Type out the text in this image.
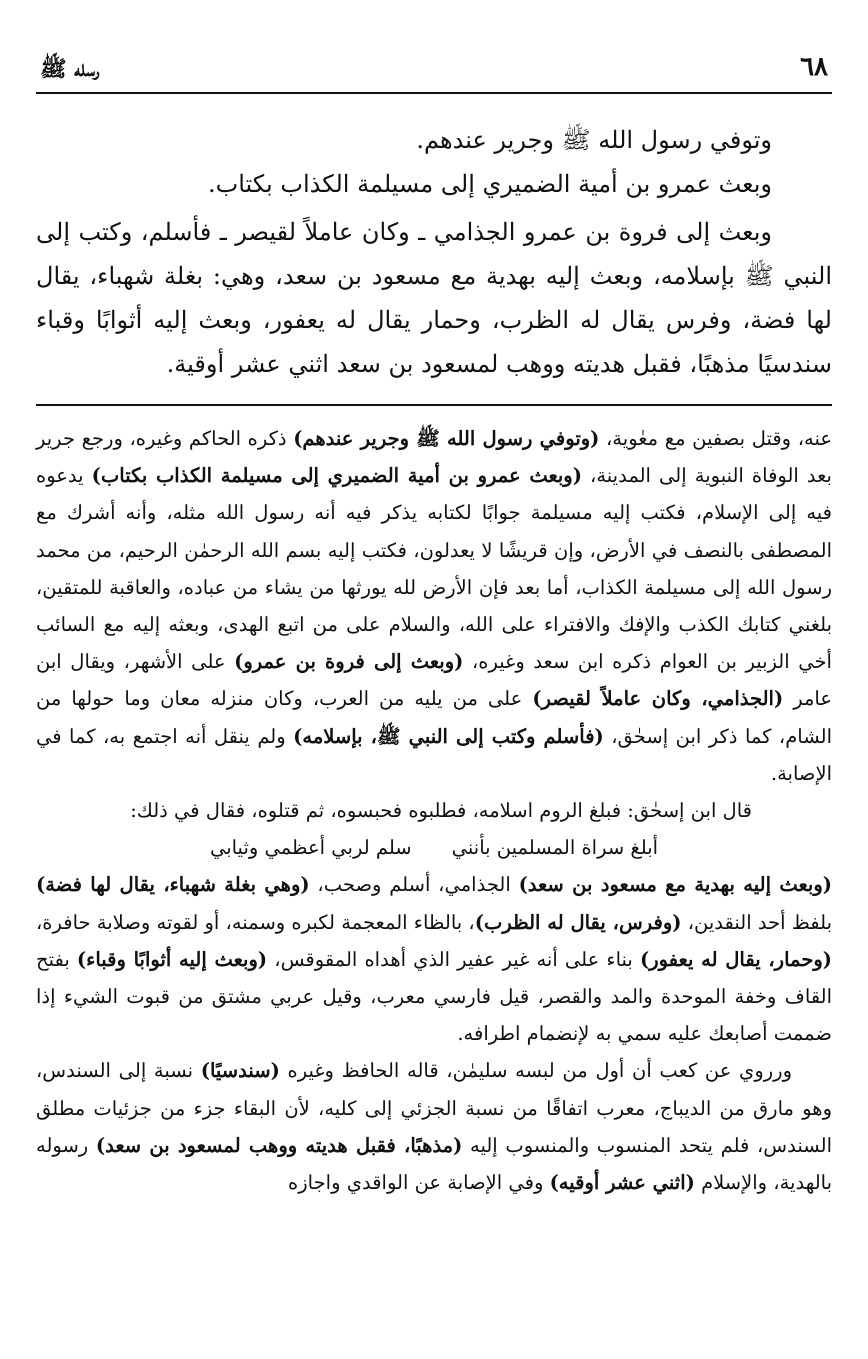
٦٨
رسله ﷺ

وتوفي رسول الله ﷺ وجرير عندهم.

وبعث عمرو بن أمية الضميري إلى مسيلمة الكذاب بكتاب.

وبعث إلى فروة بن عمرو الجذامي ـ وكان عاملاً لقيصر ـ فأسلم، وكتب إلى النبي ﷺ بإسلامه، وبعث إليه بهدية مع مسعود بن سعد، وهي: بغلة شهباء، يقال لها فضة، وفرس يقال له الظرب، وحمار يقال له يعفور، وبعث إليه أثوابًا وقباء سندسيًا مذهبًا، فقبل هديته ووهب لمسعود بن سعد اثني عشر أوقية.

عنه، وقتل بصفين مع معٰوية، (وتوفي رسول الله ﷺ وجرير عندهم) ذكره الحاكم وغيره، ورجع جرير بعد الوفاة النبوية إلى المدينة، (وبعث عمرو بن أمية الضميري إلى مسيلمة الكذاب بكتاب) يدعوه فيه إلى الإسلام، فكتب إليه مسيلمة جوابًا لكتابه يذكر فيه أنه رسول الله مثله، وأنه أشرك مع المصطفى بالنصف في الأرض، وإن قريشًا لا يعدلون، فكتب إليه بسم الله الرحمٰن الرحيم، من محمد رسول الله إلى مسيلمة الكذاب، أما بعد فإن الأرض لله يورثها من يشاء من عباده، والعاقبة للمتقين، بلغني كتابك الكذب والإفك والافتراء على الله، والسلام على من اتبع الهدى، وبعثه إليه مع السائب أخي الزبير بن العوام ذكره ابن سعد وغيره، (وبعث إلى فروة بن عمرو) على الأشهر، ويقال ابن عامر (الجذامي، وكان عاملاً لقيصر) على من يليه من العرب، وكان منزله معان وما حولها من الشام، كما ذكر ابن إسحٰق، (فأسلم وكتب إلى النبي ﷺ، بإسلامه) ولم ينقل أنه اجتمع به، كما في الإصابة.

قال ابن إسحٰق: فبلغ الروم اسلامه، فطلبوه فحبسوه، ثم قتلوه، فقال في ذلك:

أبلغ سراة المسلمين بأنني
سلم لربي أعظمي وثيابي

(وبعث إليه بهدية مع مسعود بن سعد) الجذامي، أسلم وصحب، (وهي بغلة شهباء، يقال لها فضة) بلفظ أحد النقدين، (وفرس، يقال له الظرب)، بالظاء المعجمة لكبره وسمنه، أو لقوته وصلابة حافرة، (وحمار، يقال له يعفور) بناء على أنه غير عفير الذي أهداه المقوقس، (وبعث إليه أثوابًا وقباء) بفتح القاف وخفة الموحدة والمد والقصر، قيل فارسي معرب، وقيل عربي مشتق من قبوت الشيء إذا ضممت أصابعك عليه سمي به لإنضمام اطرافه.

ورروي عن كعب أن أول من لبسه سليمٰن، قاله الحافظ وغيره (سندسيًا) نسبة إلى السندس، وهو مارق من الديباج، معرب اتفاقًا من نسبة الجزئي إلى كليه، لأن البقاء جزء من جزئيات مطلق السندس، فلم يتحد المنسوب والمنسوب إليه (مذهبًا، فقبل هديته ووهب لمسعود بن سعد) رسوله بالهدية، والإسلام (اثني عشر أوقيه) وفي الإصابة عن الواقدي واجازه
